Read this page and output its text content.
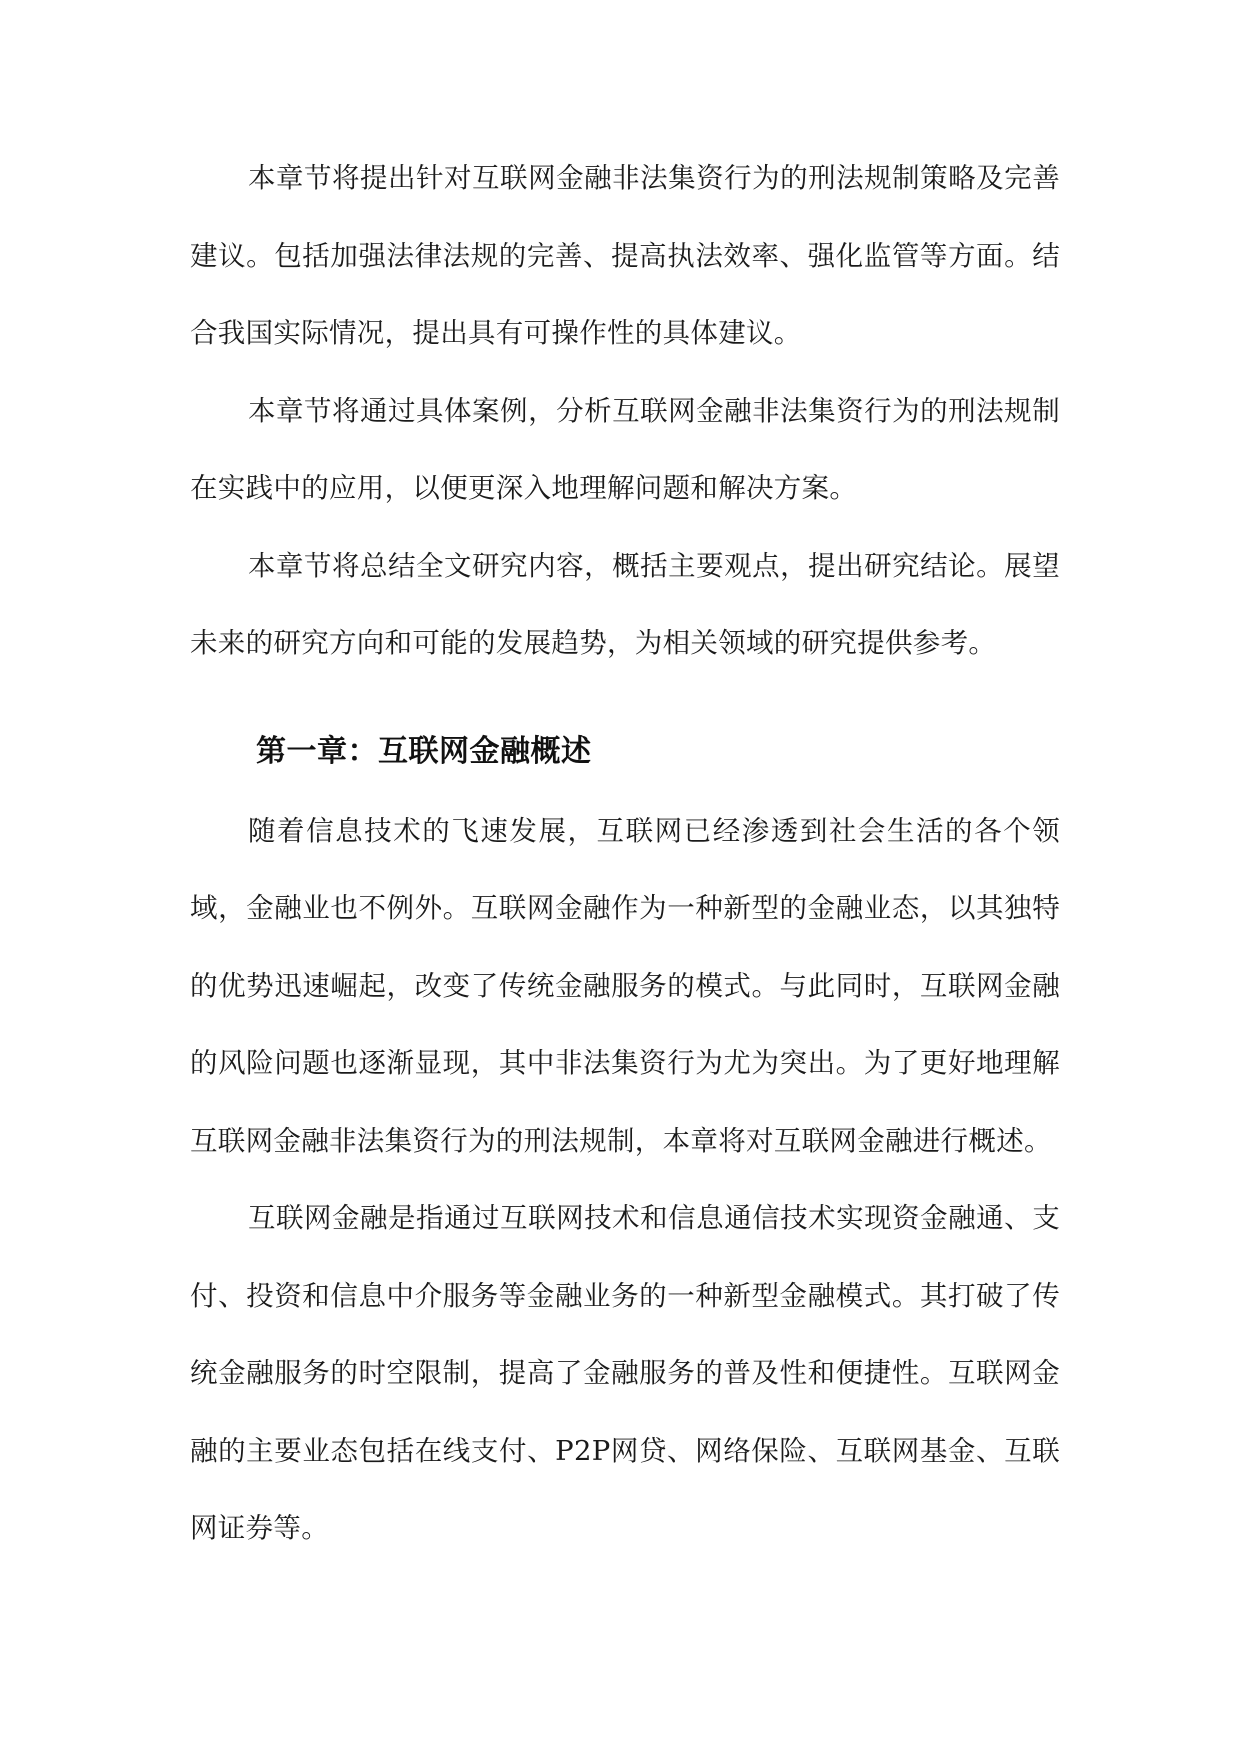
本章节将提出针对互联网金融非法集资行为的刑法规制策略及完善建议。包括加强法律法规的完善、提高执法效率、强化监管等方面。结合我国实际情况，提出具有可操作性的具体建议。

本章节将通过具体案例，分析互联网金融非法集资行为的刑法规制在实践中的应用，以便更深入地理解问题和解决方案。

本章节将总结全文研究内容，概括主要观点，提出研究结论。展望未来的研究方向和可能的发展趋势，为相关领域的研究提供参考。

第一章：互联网金融概述

随着信息技术的飞速发展，互联网已经渗透到社会生活的各个领域，金融业也不例外。互联网金融作为一种新型的金融业态，以其独特的优势迅速崛起，改变了传统金融服务的模式。与此同时，互联网金融的风险问题也逐渐显现，其中非法集资行为尤为突出。为了更好地理解互联网金融非法集资行为的刑法规制，本章将对互联网金融进行概述。

互联网金融是指通过互联网技术和信息通信技术实现资金融通、支付、投资和信息中介服务等金融业务的一种新型金融模式。其打破了传统金融服务的时空限制，提高了金融服务的普及性和便捷性。互联网金融的主要业态包括在线支付、P2P网贷、网络保险、互联网基金、互联网证券等。
